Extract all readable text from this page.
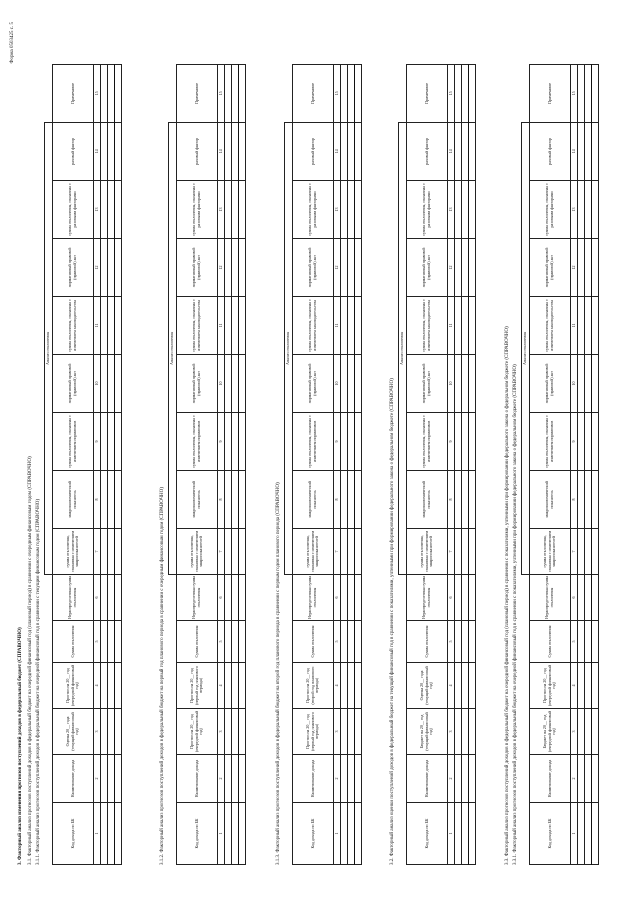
Форма 0503425 с. 5
3. Факторный анализ изменения прогнозов поступлений доходов в федеральный бюджет (СПРАВОЧНО) 3.1. Факторный анализ прогнозов поступлений доходов в федеральный бюджет на очередной финансовый год (плановый период) в сравнении с очередным финансовым годом (СПРАВОЧНО) 3.1.1. Факторный анализ прогнозов поступлений доходов в федеральный бюджет на очередной финансовый год в сравнении с текущим финансовым годом (СПРАВОЧНО)
						Анализ отклонения								
Код дохода по БК	Наименование дохода	Оценка 20__ года (текущий финансовый год)	Прогноз на 20__ год (очередной финансовый год)	Сумма отклонения	Нераспределенная сумма отклонения	сумма отклонения, связанная с изменением макропоказателей	макроэкономический показатель	сумма отклонения, связанная с изменением нормативов	нормативный правовой (правовой) акт	сумма отклонения, связанная с изменением законодательства	нормативный правовой (правовой) акт	сумма отклонения, связанная с разовыми факторами	разовый фактор	Примечание
1	2	3	4	5	6	7	8	9	10	11	12	13	14	15

3.1.2. Факторный анализ прогнозов поступлений доходов в федеральный бюджет на первый год планового периода в сравнении с очередным финансовым годом (СПРАВОЧНО)
						Анализ отклонения								
Код дохода по БК	Наименование дохода	Прогноз на 20__ год (очередной финансовый год)	Прогноз на 20__ год (первый год планового периода)	Сумма отклонения	Нераспределенная сумма отклонения	сумма отклонения, связанная с изменением макропоказателей	макроэкономический показатель	сумма отклонения, связанная с изменением нормативов	нормативный правовой (правовой) акт	сумма отклонения, связанная с изменением законодательства	нормативный правовой (правовой) акт	сумма отклонения, связанная с разовыми факторами	разовый фактор	Примечание
1	2	3	4	5	6	7	8	9	10	11	12	13	14	15

3.1.3. Факторный анализ прогнозов поступлений доходов в федеральный бюджет на второй год планового периода в сравнении с первым годом планового периода (СПРАВОЧНО)
						Анализ отклонения								
Код дохода по БК	Наименование дохода	Прогноз на 20__ год (первый год планового периода)	Прогноз на 20__ год (второй год планового периода)	Сумма отклонения	Нераспределенная сумма отклонения	сумма отклонения, связанная с изменением макропоказателей	макроэкономический показатель	сумма отклонения, связанная с изменением нормативов	нормативный правовой (правовой) акт	сумма отклонения, связанная с изменением законодательства	нормативный правовой (правовой) акт	сумма отклонения, связанная с разовыми факторами	разовый фактор	Примечание
1	2	3	4	5	6	7	8	9	10	11	12	13	14	15

3.2. Факторный анализ оценки поступлений доходов в федеральный бюджет на текущий финансовый год в сравнении с показателями, учтенными при формировании федерального закона о федеральном бюджете (СПРАВОЧНО)
						Анализ отклонения								
Код дохода по БК	Наименование дохода	Бюджет на 20__ год (текущий финансовый год)	Оценка 20__ года (текущий финансовый год)	Сумма отклонения	Нераспределенная сумма отклонения	сумма отклонения, связанная с изменением макропоказателей	макроэкономический показатель	сумма отклонения, связанная с изменением нормативов	нормативный правовой (правовой) акт	сумма отклонения, связанная с изменением законодательства	нормативный правовой (правовой) акт	сумма отклонения, связанная с разовыми факторами	разовый фактор	Примечание
1	2	3	4	5	6	7	8	9	10	11	12	13	14	15

3.3. Факторный анализ прогнозов поступлений доходов в федеральный бюджет на очередной финансовый год (плановый период) в сравнении с показателями, учтенными при формировании федерального закона о федеральном бюджете (СПРАВОЧНО) 3.3.1. Факторный анализ прогнозов поступлений доходов в федеральный бюджет на очередной финансовый год в сравнении с показателями, учтенными при формировании федерального закона о федеральном бюджете (СПРАВОЧНО)
						Анализ отклонения								
Код дохода по БК	Наименование дохода	Бюджет на 20__ год (очередной финансовый год)	Прогноз на 20__ год (очередной финансовый год)	Сумма отклонения	Нераспределенная сумма отклонения	сумма отклонения, связанная с изменением макропоказателей	макроэкономический показатель	сумма отклонения, связанная с изменением нормативов	нормативный правовой (правовой) акт	сумма отклонения, связанная с изменением законодательства	нормативный правовой (правовой) акт	сумма отклонения, связанная с разовыми факторами	разовый фактор	Примечание
1	2	3	4	5	6	7	8	9	10	11	12	13	14	15
